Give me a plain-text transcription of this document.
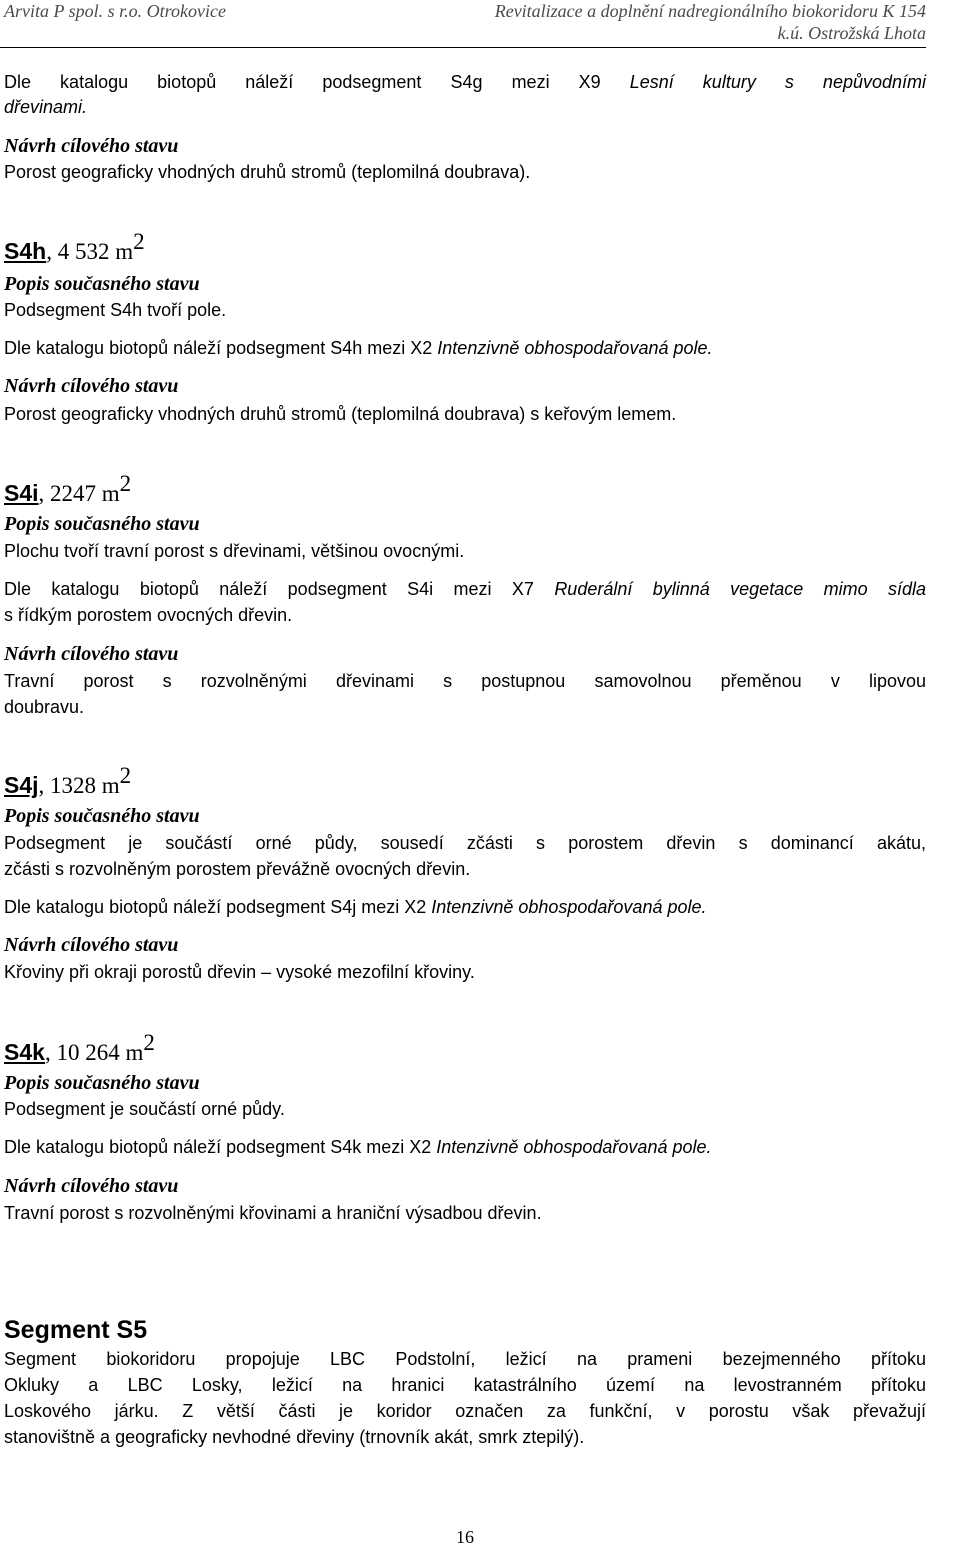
Arvita P spol. s r.o. Otrokovice	Revitalizace a doplnění nadregionálního biokoridoru K 154
k.ú. Ostrožská Lhota
Dle katalogu biotopů náleží podsegment S4g mezi X9 Lesní kultury s nepůvodními
dřevinami.
Návrh cílového stavu
Porost geograficky vhodných druhů stromů (teplomilná doubrava).
S4h, 4 532 $m^2$
Popis současného stavu
Podsegment S4h tvoří pole.
Dle katalogu biotopů náleží podsegment S4h mezi X2 Intenzivně obhospodařovaná pole.
Návrh cílového stavu
Porost geograficky vhodných druhů stromů (teplomilná doubrava) s keřovým lemem.
S4i, 2247 $m^2$
Popis současného stavu
Plochu tvoří travní porost s dřevinami, většinou ovocnými.
Dle katalogu biotopů náleží podsegment S4i mezi X7 Ruderální bylinná vegetace mimo sídla
s řídkým porostem ovocných dřevin.
Návrh cílového stavu
Travní porost s rozvolněnými dřevinami s postupnou samovolnou přeměnou v lipovou
doubravu.
S4j, 1328 $m^2$
Popis současného stavu
Podsegment je součástí orné půdy, sousedí zčásti s porostem dřevin s dominancí akátu,
zčásti s rozvolněným porostem převážně ovocných dřevin.
Dle katalogu biotopů náleží podsegment S4j mezi X2 Intenzivně obhospodařovaná pole.
Návrh cílového stavu
Křoviny při okraji porostů dřevin – vysoké mezofilní křoviny.
S4k, 10 264 $m^2$
Popis současného stavu
Podsegment je součástí orné půdy.
Dle katalogu biotopů náleží podsegment S4k mezi X2 Intenzivně obhospodařovaná pole.
Návrh cílového stavu
Travní porost s rozvolněnými křovinami a hraniční výsadbou dřevin.
Segment S5
Segment biokoridoru propojuje LBC Podstolní, ležicí na prameni bezejmenného přítoku
Okluky a LBC Losky, ležicí na hranici katastrálního území na levostranném přítoku
Loskového járku. Z větší části je koridor označen za funkční, v porostu však převažují
stanovištně a geograficky nevhodné dřeviny (trnovník akát, smrk ztepilý).
16
